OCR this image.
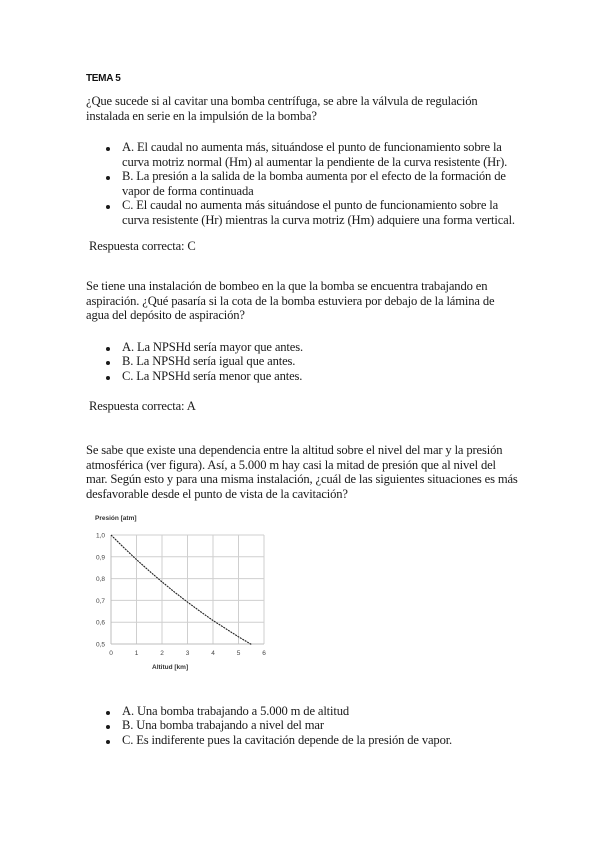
TEMA 5
¿Que sucede si al cavitar una bomba centrífuga, se abre la válvula de regulación
instalada en serie en la impulsión de la bomba?
A. El caudal no aumenta más, situándose el punto de funcionamiento sobre la
curva motriz normal (Hm) al aumentar la pendiente de la curva resistente (Hr).
B. La presión a la salida de la bomba aumenta por el efecto de la formación de
vapor de forma continuada
C. El caudal no aumenta más situándose el punto de funcionamiento sobre la
curva resistente (Hr) mientras la curva motriz (Hm) adquiere una forma vertical.
Respuesta correcta: C
Se tiene una instalación de bombeo en la que la bomba se encuentra trabajando en
aspiración. ¿Qué pasaría si la cota de la bomba estuviera por debajo de la lámina de
agua del depósito de aspiración?
A. La NPSHd sería mayor que antes.
B. La NPSHd sería igual que antes.
C. La NPSHd sería menor que antes.
Respuesta correcta: A
Se sabe que existe una dependencia entre la altitud sobre el nivel del mar y la presión
atmosférica (ver figura). Así, a 5.000 m hay casi la mitad de presión que al nivel del
mar. Según esto y para una misma instalación, ¿cuál de las siguientes situaciones es más
desfavorable desde el punto de vista de la cavitación?
Presión [atm]
0	1	2	3	4	5	6
0,5
0,6
0,7
0,8
0,9
1,0
Altitud [km]
A. Una bomba trabajando a 5.000 m de altitud
B. Una bomba trabajando a nivel del mar
C. Es indiferente pues la cavitación depende de la presión de vapor.
